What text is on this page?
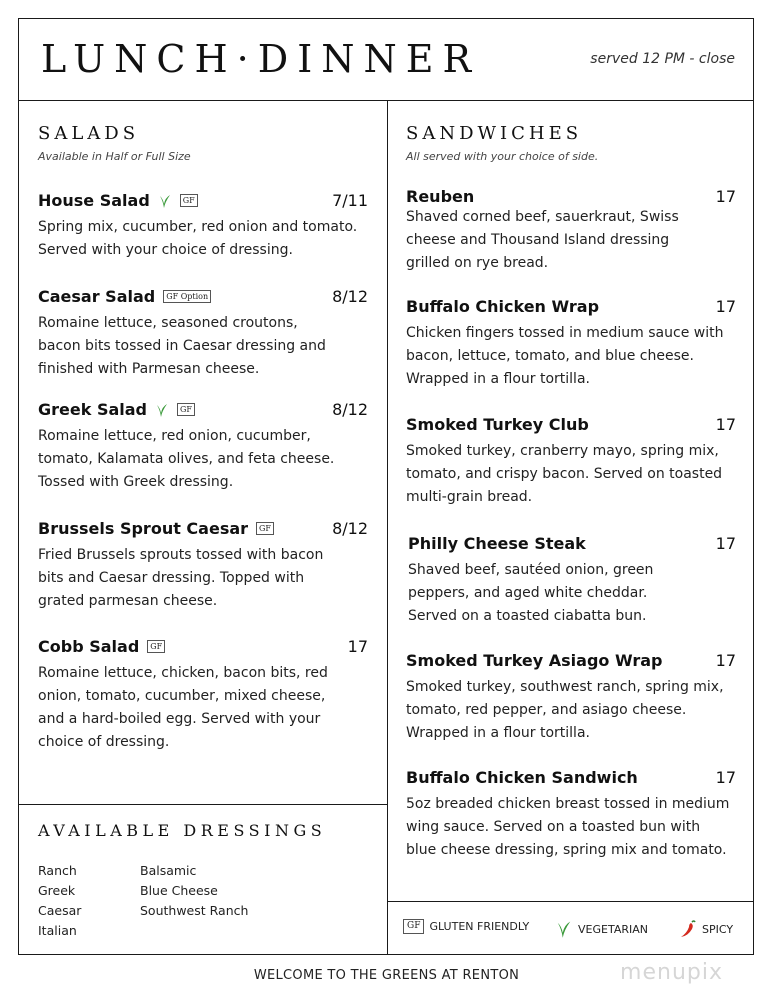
LUNCH·DINNER	served 12 PM - close
SALADS
Available in Half or Full Size
House Salad	GF	7/11
Spring mix, cucumber, red onion and tomato. Served with your choice of dressing.
Caesar Salad	GF Option	8/12
Romaine lettuce, seasoned croutons, bacon bits tossed in Caesar dressing and finished with Parmesan cheese.
Greek Salad	GF	8/12
Romaine lettuce, red onion, cucumber, tomato, Kalamata olives, and feta cheese. Tossed with Greek dressing.
Brussels Sprout Caesar	GF	8/12
Fried Brussels sprouts tossed with bacon bits and Caesar dressing. Topped with grated parmesan cheese.
Cobb Salad	GF	17
Romaine lettuce, chicken, bacon bits, red onion, tomato, cucumber, mixed cheese, and a hard-boiled egg. Served with your choice of dressing.
AVAILABLE DRESSINGS
Ranch
Greek
Caesar
Italian
Balsamic
Blue Cheese
Southwest Ranch
SANDWICHES
All served with your choice of side.
Reuben	17
Shaved corned beef, sauerkraut, Swiss cheese and Thousand Island dressing grilled on rye bread.
Buffalo Chicken Wrap	17
Chicken fingers tossed in medium sauce with bacon, lettuce, tomato, and blue cheese. Wrapped in a flour tortilla.
Smoked Turkey Club	17
Smoked turkey, cranberry mayo, spring mix, tomato, and crispy bacon. Served on toasted multi-grain bread.
Philly Cheese Steak	17
Shaved beef, sautéed onion, green peppers, and aged white cheddar. Served on a toasted ciabatta bun.
Smoked Turkey Asiago Wrap	17
Smoked turkey, southwest ranch, spring mix, tomato, red pepper, and asiago cheese. Wrapped in a flour tortilla.
Buffalo Chicken Sandwich	17
5oz breaded chicken breast tossed in medium wing sauce. Served on a toasted bun with blue cheese dressing, spring mix and tomato.
GF GLUTEN FRIENDLY	VEGETARIAN	SPICY
WELCOME TO THE GREENS AT RENTON	menupix
